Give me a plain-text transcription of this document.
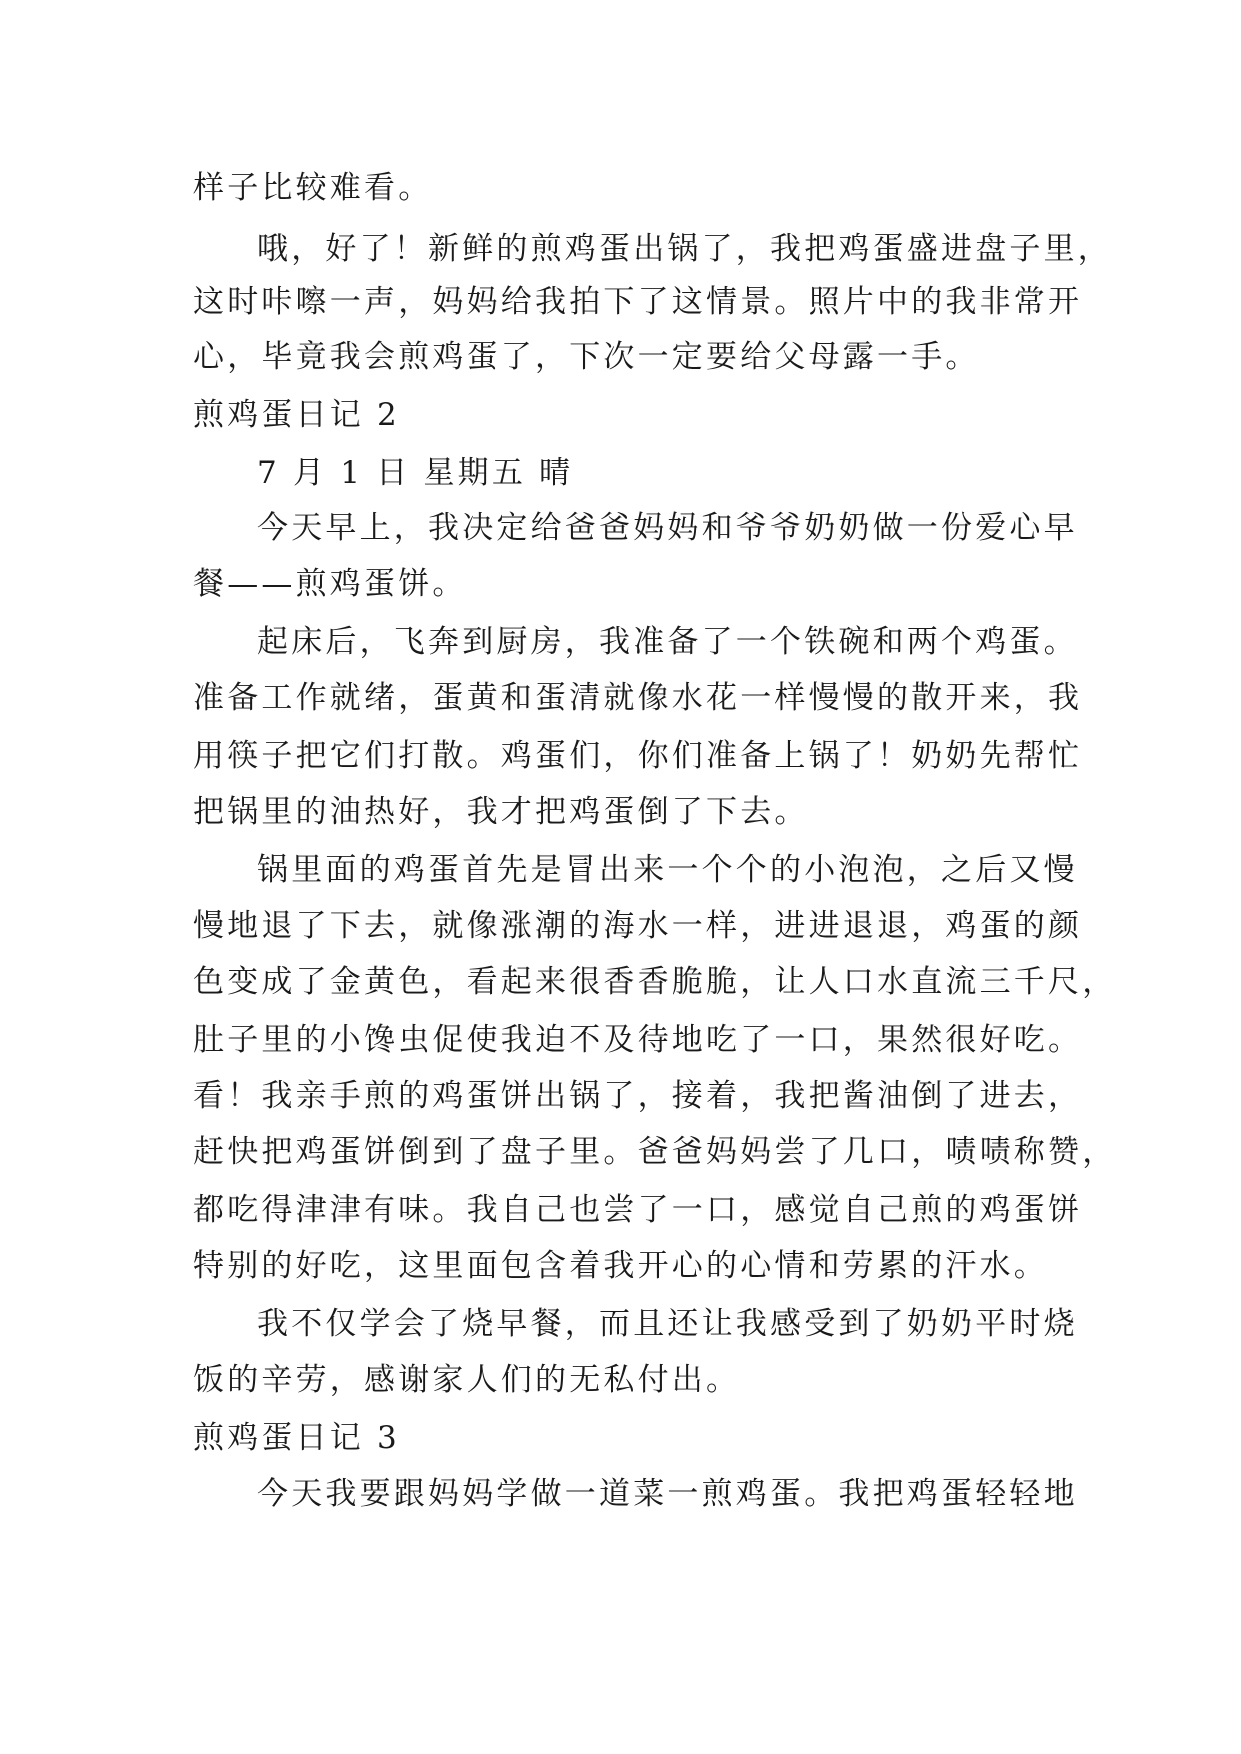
样子比较难看。
哦，好了！新鲜的煎鸡蛋出锅了，我把鸡蛋盛进盘子里，
这时咔嚓一声，妈妈给我拍下了这情景。照片中的我非常开
心，毕竟我会煎鸡蛋了，下次一定要给父母露一手。
煎鸡蛋日记 2
7 月 1 日 星期五 晴
今天早上，我决定给爸爸妈妈和爷爷奶奶做一份爱心早
餐——煎鸡蛋饼。
起床后，飞奔到厨房，我准备了一个铁碗和两个鸡蛋。
准备工作就绪，蛋黄和蛋清就像水花一样慢慢的散开来，我
用筷子把它们打散。鸡蛋们，你们准备上锅了！奶奶先帮忙
把锅里的油热好，我才把鸡蛋倒了下去。
锅里面的鸡蛋首先是冒出来一个个的小泡泡，之后又慢
慢地退了下去，就像涨潮的海水一样，进进退退，鸡蛋的颜
色变成了金黄色，看起来很香香脆脆，让人口水直流三千尺，
肚子里的小馋虫促使我迫不及待地吃了一口，果然很好吃。
看！我亲手煎的鸡蛋饼出锅了，接着，我把酱油倒了进去，
赶快把鸡蛋饼倒到了盘子里。爸爸妈妈尝了几口，啧啧称赞，
都吃得津津有味。我自己也尝了一口，感觉自己煎的鸡蛋饼
特别的好吃，这里面包含着我开心的心情和劳累的汗水。
我不仅学会了烧早餐，而且还让我感受到了奶奶平时烧
饭的辛劳，感谢家人们的无私付出。
煎鸡蛋日记 3
今天我要跟妈妈学做一道菜一煎鸡蛋。我把鸡蛋轻轻地
